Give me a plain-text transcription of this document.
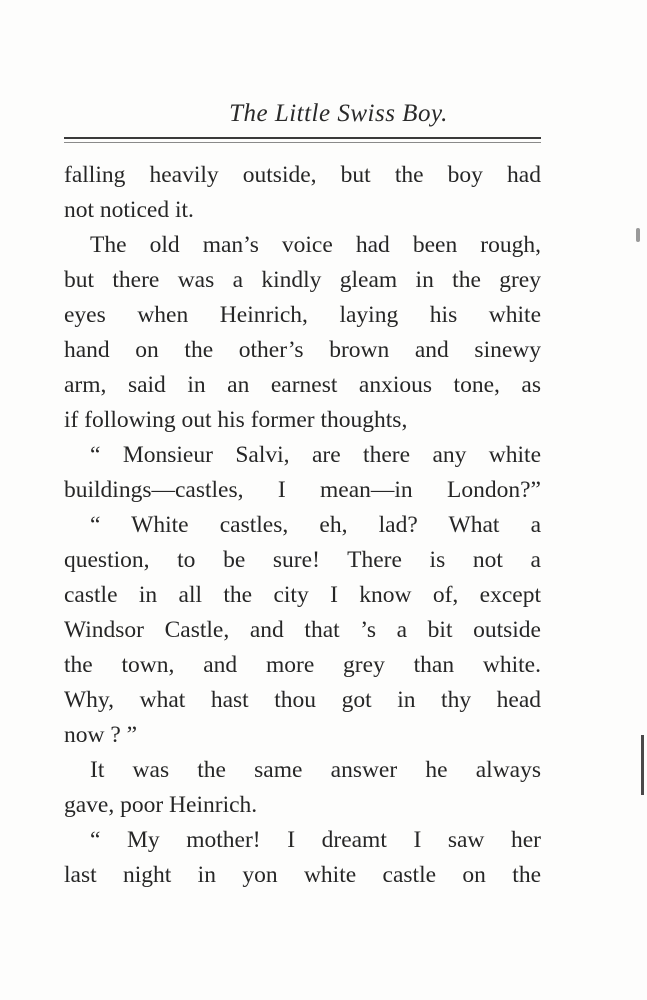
The Little Swiss Boy.
falling heavily outside, but the boy had
not noticed it.
The old man’s voice had been rough,
but there was a kindly gleam in the grey
eyes when Heinrich, laying his white
hand on the other’s brown and sinewy
arm, said in an earnest anxious tone, as
if following out his former thoughts,
“ Monsieur Salvi, are there any white
buildings—castles, I mean—in London?”
“ White castles, eh, lad? What a
question, to be sure! There is not a
castle in all the city I know of, except
Windsor Castle, and that ’s a bit outside
the town, and more grey than white.
Why, what hast thou got in thy head
now ? ”
It was the same answer he always
gave, poor Heinrich.
“ My mother! I dreamt I saw her
last night in yon white castle on the
